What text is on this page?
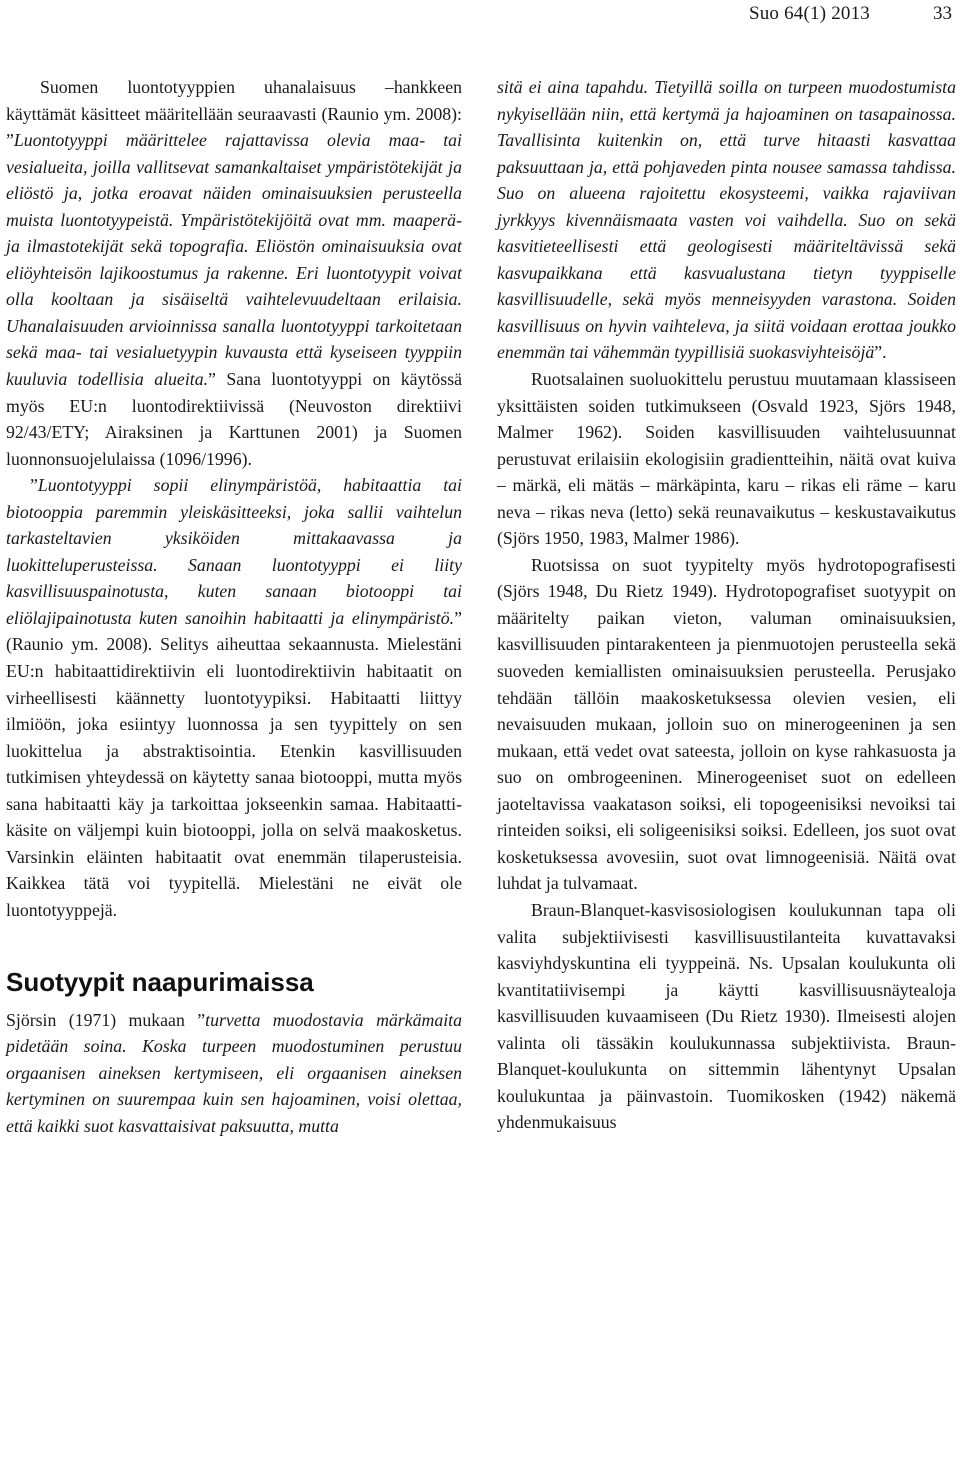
Suo 64(1) 2013	33

Suomen luontotyyppien uhanalaisuus –hankkeen käyttämät käsitteet määritellään seuraavasti (Raunio ym. 2008): ”Luontotyyppi määrittelee rajattavissa olevia maa- tai vesialueita, joilla vallitsevat samankaltaiset ympäristötekijät ja eliöstö ja, jotka eroavat näiden ominaisuuksien perusteella muista luontotyypeistä. Ympäristötekijöitä ovat mm. maaperä- ja ilmastotekijät sekä topografia. Eliöstön ominaisuuksia ovat eliöyhteisön lajikoostumus ja rakenne. Eri luontotyypit voivat olla kooltaan ja sisäiseltä vaihtelevuudeltaan erilaisia. Uhanalaisuuden arvioinnissa sanalla luontotyyppi tarkoitetaan sekä maa- tai vesialuetyypin kuvausta että kyseiseen tyyppiin kuuluvia todellisia alueita.” Sana luontotyyppi on käytössä myös EU:n luontodirektiivissä (Neuvoston direktiivi 92/43/ETY; Airaksinen ja Karttunen 2001) ja Suomen luonnonsuojelulaissa (1096/1996).

”Luontotyyppi sopii elinympäristöä, habitaattia tai biotooppia paremmin yleiskäsitteeksi, joka sallii vaihtelun tarkasteltavien yksiköiden mittakaavassa ja luokitteluperusteissa. Sanaan luontotyyppi ei liity kasvillisuuspainotusta, kuten sanaan biotooppi tai eliölajipainotusta kuten sanoihin habitaatti ja elinympäristö.” (Raunio ym. 2008). Selitys aiheuttaa sekaannusta. Mielestäni EU:n habitaattidirektiivin eli luontodirektiivin habitaatit on virheellisesti käännetty luontotyypiksi. Habitaatti liittyy ilmiöön, joka esiintyy luonnossa ja sen tyypittely on sen luokittelua ja abstraktisointia. Etenkin kasvillisuuden tutkimisen yhteydessä on käytetty sanaa biotooppi, mutta myös sana habitaatti käy ja tarkoittaa jokseenkin samaa. Habitaatti-käsite on väljempi kuin biotooppi, jolla on selvä maakosketus. Varsinkin eläinten habitaatit ovat enemmän tilaperusteisia. Kaikkea tätä voi tyypitellä. Mielestäni ne eivät ole luontotyyppejä.

Suotyypit naapurimaissa

Sjörsin (1971) mukaan ”turvetta muodostavia märkämaita pidetään soina. Koska turpeen muodostuminen perustuu orgaanisen aineksen kertymiseen, eli orgaanisen aineksen kertyminen on suurempaa kuin sen hajoaminen, voisi olettaa, että kaikki suot kasvattaisivat paksuutta, mutta

sitä ei aina tapahdu. Tietyillä soilla on turpeen muodostumista nykyisellään niin, että kertymä ja hajoaminen on tasapainossa. Tavallisinta kuitenkin on, että turve hitaasti kasvattaa paksuuttaan ja, että pohjaveden pinta nousee samassa tahdissa. Suo on alueena rajoitettu ekosysteemi, vaikka rajaviivan jyrkkyys kivennäismaata vasten voi vaihdella. Suo on sekä kasvitieteellisesti että geologisesti määriteltävissä sekä kasvupaikkana että kasvualustana tietyn tyyppiselle kasvillisuudelle, sekä myös menneisyyden varastona. Soiden kasvillisuus on hyvin vaihteleva, ja siitä voidaan erottaa joukko enemmän tai vähemmän tyypillisiä suokasviyhteisöjä”.

Ruotsalainen suoluokittelu perustuu muutamaan klassiseen yksittäisten soiden tutkimukseen (Osvald 1923, Sjörs 1948, Malmer 1962). Soiden kasvillisuuden vaihtelusuunnat perustuvat erilaisiin ekologisiin gradientteihin, näitä ovat kuiva – märkä, eli mätäs – märkäpinta, karu – rikas eli räme – karu neva – rikas neva (letto) sekä reunavaikutus – keskustavaikutus (Sjörs 1950, 1983, Malmer 1986).

Ruotsissa on suot tyypitelty myös hydrotopografisesti (Sjörs 1948, Du Rietz 1949). Hydrotopografiset suotyypit on määritelty paikan vieton, valuman ominaisuuksien, kasvillisuuden pintarakenteen ja pienmuotojen perusteella sekä suoveden kemiallisten ominaisuuksien perusteella. Perusjako tehdään tällöin maakosketuksessa olevien vesien, eli nevaisuuden mukaan, jolloin suo on minerogeeninen ja sen mukaan, että vedet ovat sateesta, jolloin on kyse rahkasuosta ja suo on ombrogeeninen. Minerogeeniset suot on edelleen jaoteltavissa vaakatason soiksi, eli topogeenisiksi nevoiksi tai rinteiden soiksi, eli soligeenisiksi soiksi. Edelleen, jos suot ovat kosketuksessa avovesiin, suot ovat limnogeenisiä. Näitä ovat luhdat ja tulvamaat.

Braun-Blanquet-kasvisosiologisen koulukunnan tapa oli valita subjektiivisesti kasvillisuustilanteita kuvattavaksi kasviyhdyskuntina eli tyyppeinä. Ns. Upsalan koulukunta oli kvantitatiivisempi ja käytti kasvillisuusnäytealoja kasvillisuuden kuvaamiseen (Du Rietz 1930). Ilmeisesti alojen valinta oli tässäkin koulukunnassa subjektiivista. Braun-Blanquet-koulukunta on sittemmin lähentynyt Upsalan koulukuntaa ja päinvastoin. Tuomikosken (1942) näkemä yhdenmukaisuus
